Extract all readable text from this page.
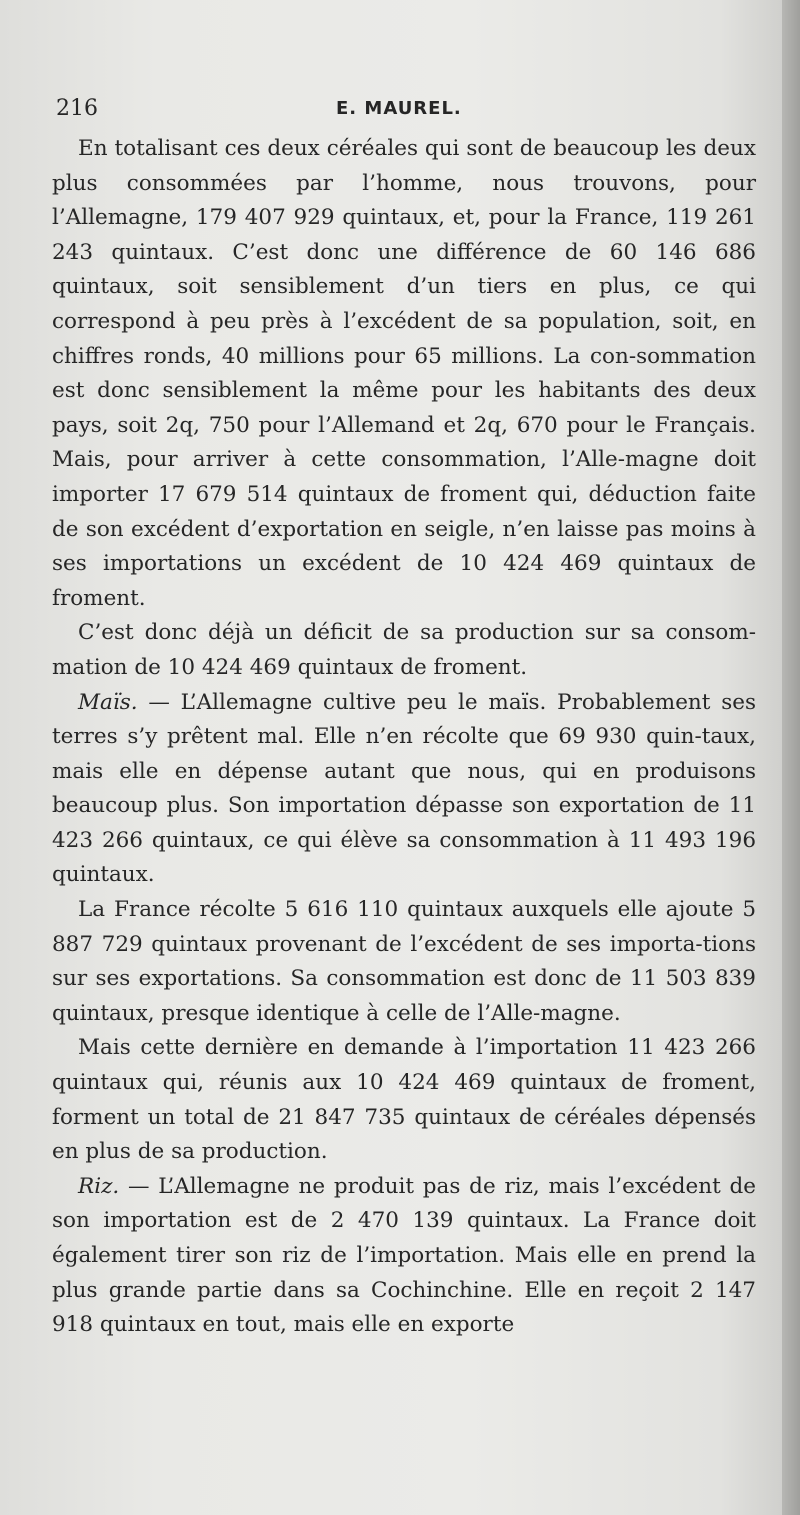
216	E. MAUREL.

En totalisant ces deux céréales qui sont de beaucoup les deux plus consommées par l’homme, nous trouvons, pour l’Allemagne, 179 407 929 quintaux, et, pour la France, 119 261 243 quintaux. C’est donc une différence de 60 146 686 quintaux, soit sensiblement d’un tiers en plus, ce qui correspond à peu près à l’excédent de sa population, soit, en chiffres ronds, 40 millions pour 65 millions. La con-sommation est donc sensiblement la même pour les habitants des deux pays, soit 2q, 750 pour l’Allemand et 2q, 670 pour le Français. Mais, pour arriver à cette consommation, l’Alle-magne doit importer 17 679 514 quintaux de froment qui, déduction faite de son excédent d’exportation en seigle, n’en laisse pas moins à ses importations un excédent de 10 424 469 quintaux de froment.

C’est donc déjà un déficit de sa production sur sa consom-mation de 10 424 469 quintaux de froment.

Maïs. — L’Allemagne cultive peu le maïs. Probablement ses terres s’y prêtent mal. Elle n’en récolte que 69 930 quin-taux, mais elle en dépense autant que nous, qui en produisons beaucoup plus. Son importation dépasse son exportation de 11 423 266 quintaux, ce qui élève sa consommation à 11 493 196 quintaux.

La France récolte 5 616 110 quintaux auxquels elle ajoute 5 887 729 quintaux provenant de l’excédent de ses importa-tions sur ses exportations. Sa consommation est donc de 11 503 839 quintaux, presque identique à celle de l’Alle-magne.

Mais cette dernière en demande à l’importation 11 423 266 quintaux qui, réunis aux 10 424 469 quintaux de froment, forment un total de 21 847 735 quintaux de céréales dépensés en plus de sa production.

Riz. — L’Allemagne ne produit pas de riz, mais l’excédent de son importation est de 2 470 139 quintaux. La France doit également tirer son riz de l’importation. Mais elle en prend la plus grande partie dans sa Cochinchine. Elle en reçoit 2 147 918 quintaux en tout, mais elle en exporte
